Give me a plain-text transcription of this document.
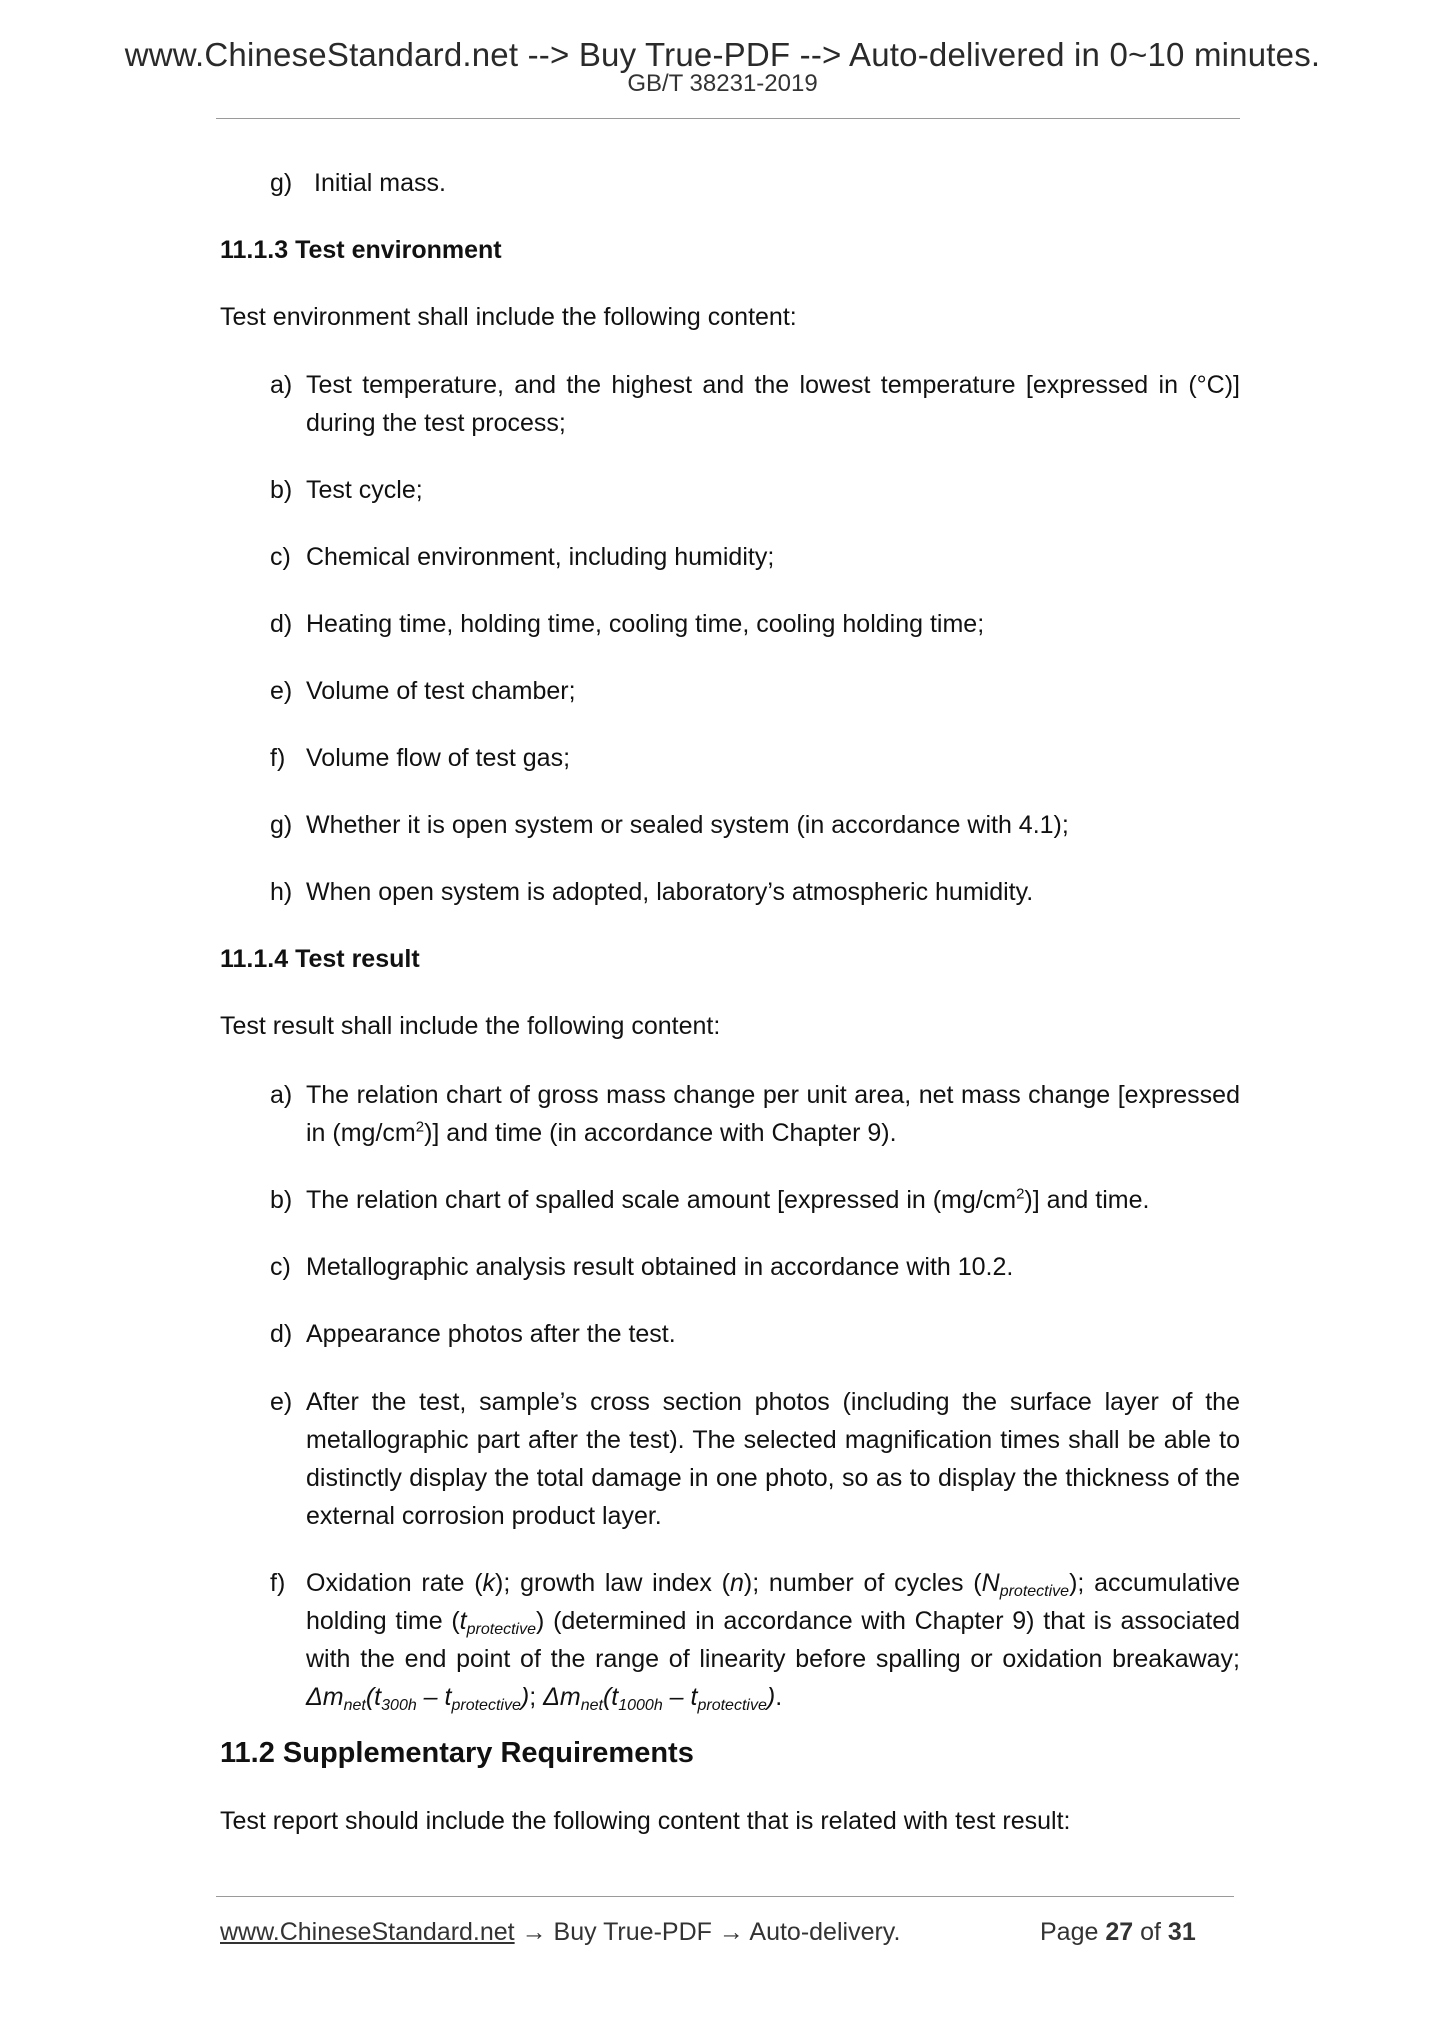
www.ChineseStandard.net --> Buy True-PDF --> Auto-delivered in 0~10 minutes.
GB/T 38231-2019
g) Initial mass.
11.1.3 Test environment
Test environment shall include the following content:
a) Test temperature, and the highest and the lowest temperature [expressed in (°C)] during the test process;
b) Test cycle;
c) Chemical environment, including humidity;
d) Heating time, holding time, cooling time, cooling holding time;
e) Volume of test chamber;
f) Volume flow of test gas;
g) Whether it is open system or sealed system (in accordance with 4.1);
h) When open system is adopted, laboratory’s atmospheric humidity.
11.1.4 Test result
Test result shall include the following content:
a) The relation chart of gross mass change per unit area, net mass change [expressed in $(mg/cm^2)$] and time (in accordance with Chapter 9).
b) The relation chart of spalled scale amount [expressed in $(mg/cm^2)$] and time.
c) Metallographic analysis result obtained in accordance with 10.2.
d) Appearance photos after the test.
e) After the test, sample’s cross section photos (including the surface layer of the metallographic part after the test). The selected magnification times shall be able to distinctly display the total damage in one photo, so as to display the thickness of the external corrosion product layer.
f) Oxidation rate (k); growth law index (n); number of cycles $(N_{protective})$; accumulative holding time $(t_{protective})$ (determined in accordance with Chapter 9) that is associated with the end point of the range of linearity before spalling or oxidation breakaway; $\Delta m_{net}(t_{300h} - t_{protective})$; $\Delta m_{net}(t_{1000h} - t_{protective})$.
11.2 Supplementary Requirements
Test report should include the following content that is related with test result:
www.ChineseStandard.net → Buy True-PDF → Auto-delivery.	Page 27 of 31
